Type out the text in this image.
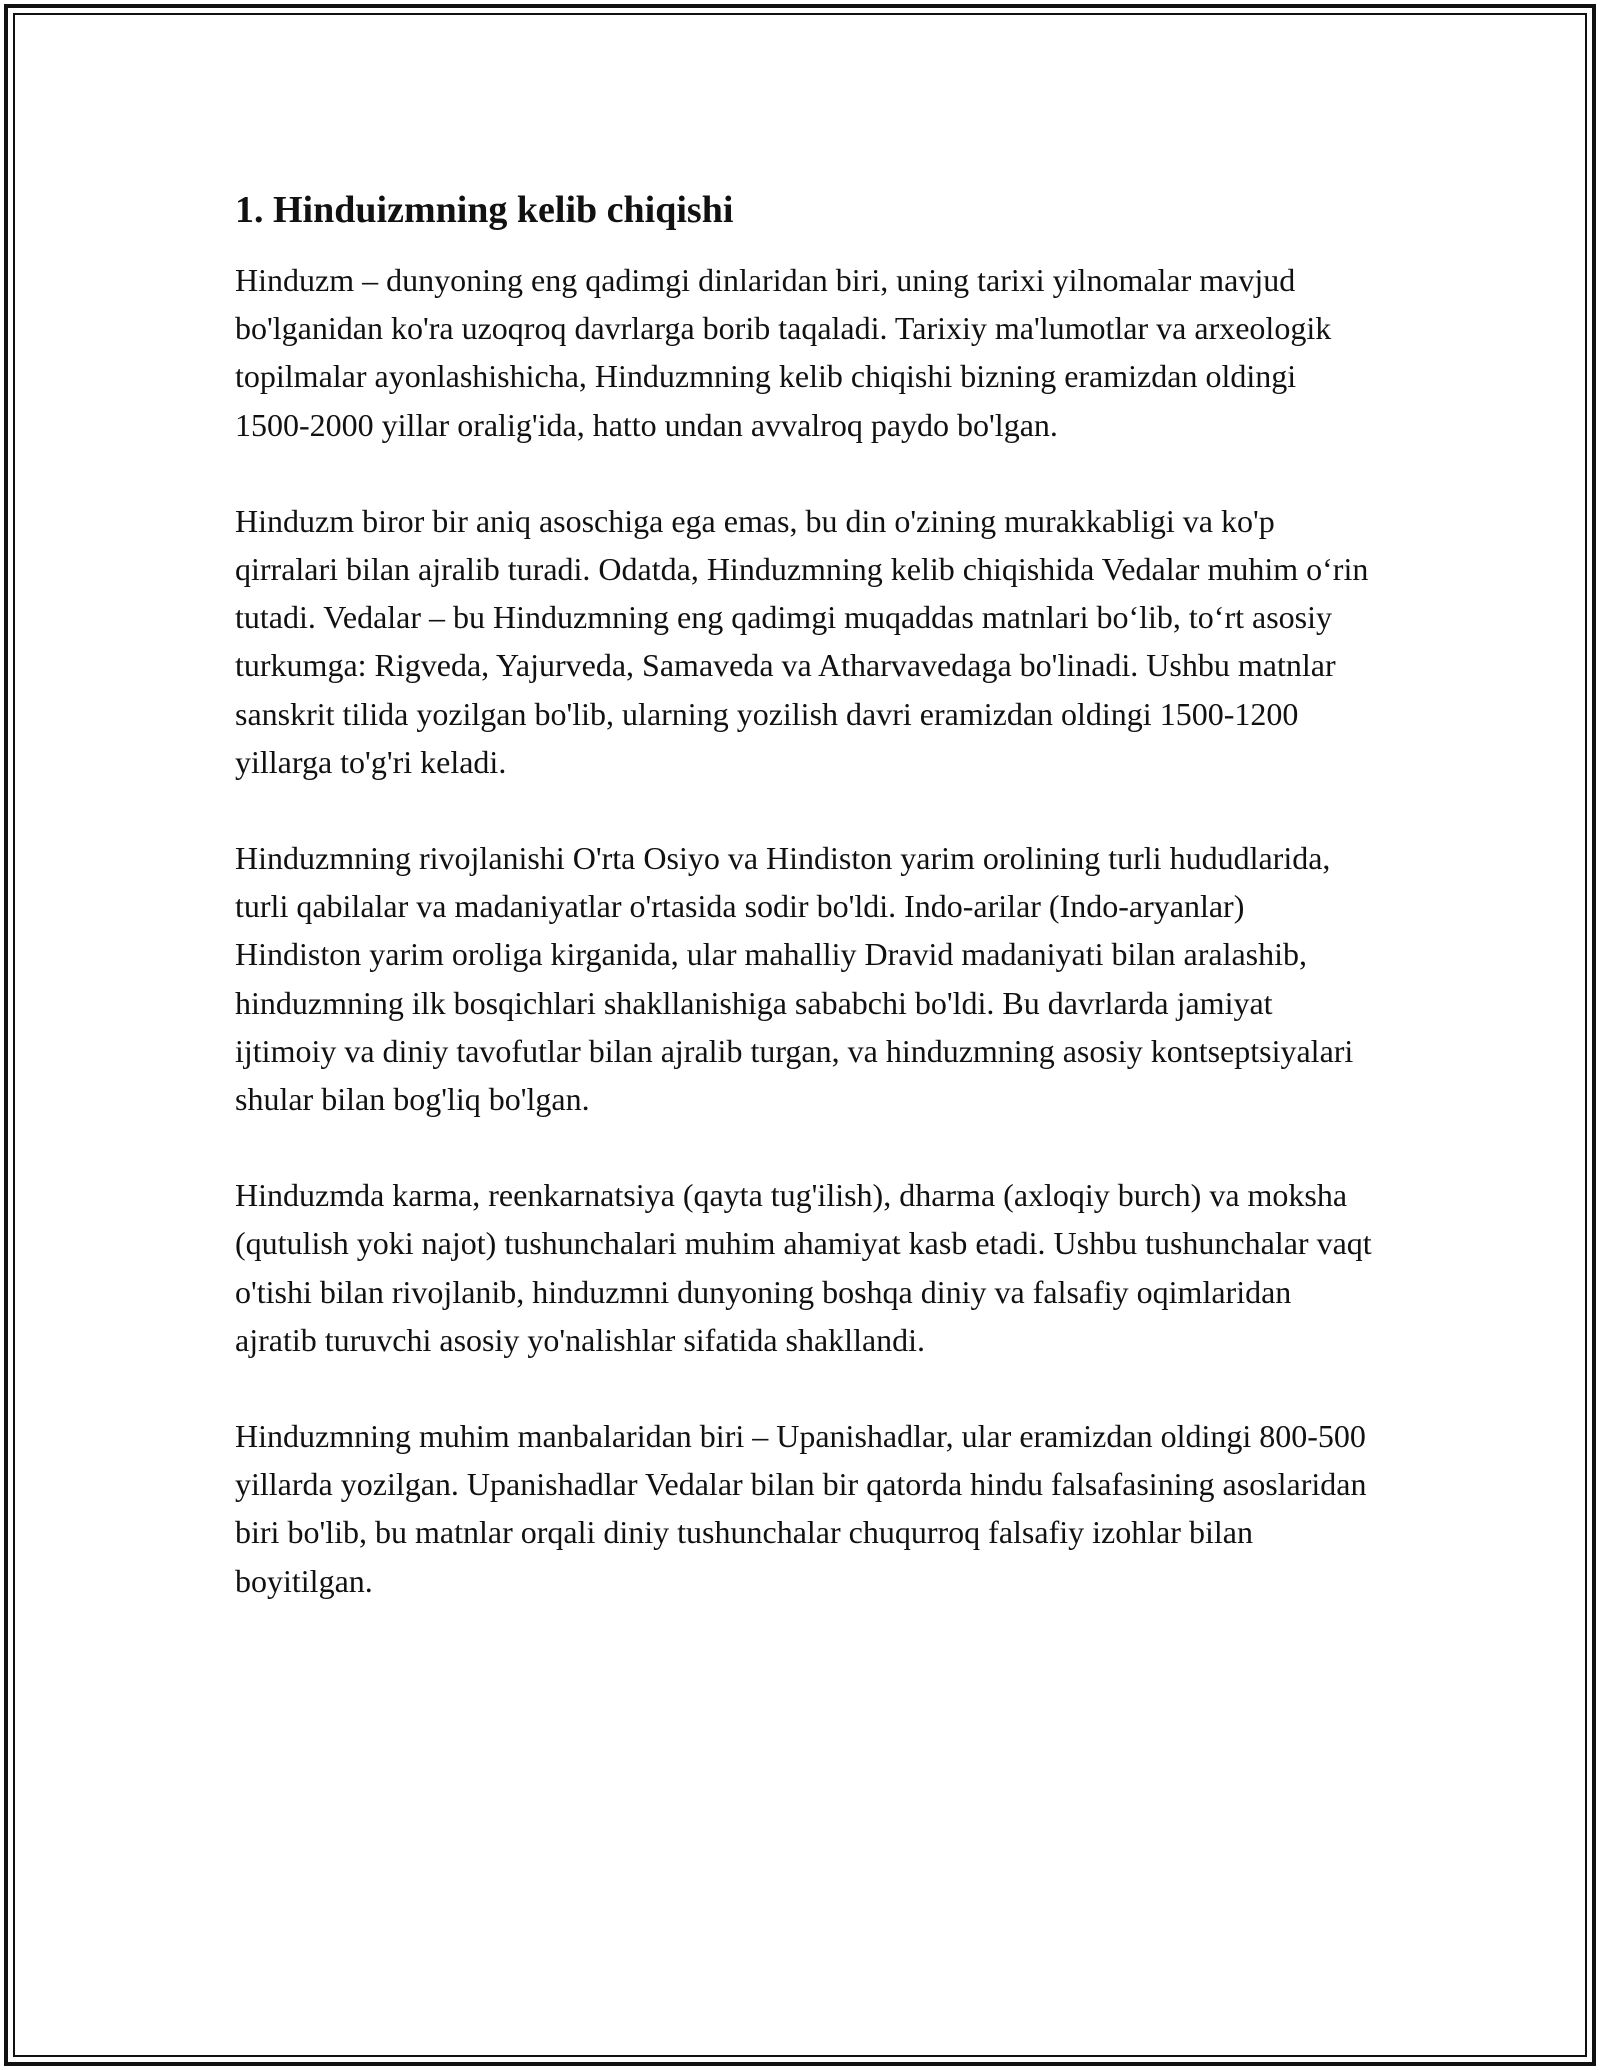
1. Hinduizmning kelib chiqishi

Hinduzm – dunyoning eng qadimgi dinlaridan biri, uning tarixi yilnomalar mavjud bo'lganidan ko'ra uzoqroq davrlarga borib taqaladi. Tarixiy ma'lumotlar va arxeologik topilmalar ayonlashishicha, Hinduzmning kelib chiqishi bizning eramizdan oldingi 1500-2000 yillar oralig'ida, hatto undan avvalroq paydo bo'lgan.

Hinduzm biror bir aniq asoschiga ega emas, bu din o'zining murakkabligi va ko'p qirralari bilan ajralib turadi. Odatda, Hinduzmning kelib chiqishida Vedalar muhim o‘rin tutadi. Vedalar – bu Hinduzmning eng qadimgi muqaddas matnlari bo‘lib, to‘rt asosiy turkumga: Rigveda, Yajurveda, Samaveda va Atharvavedaga bo'linadi. Ushbu matnlar sanskrit tilida yozilgan bo'lib, ularning yozilish davri eramizdan oldingi 1500-1200 yillarga to'g'ri keladi.

Hinduzmning rivojlanishi O'rta Osiyo va Hindiston yarim orolining turli hududlarida, turli qabilalar va madaniyatlar o'rtasida sodir bo'ldi. Indo-arilar (Indo-aryanlar) Hindiston yarim oroliga kirganida, ular mahalliy Dravid madaniyati bilan aralashib, hinduzmning ilk bosqichlari shakllanishiga sababchi bo'ldi. Bu davrlarda jamiyat ijtimoiy va diniy tavofutlar bilan ajralib turgan, va hinduzmning asosiy kontseptsiyalari shular bilan bog'liq bo'lgan.

Hinduzmda karma, reenkarnatsiya (qayta tug'ilish), dharma (axloqiy burch) va moksha (qutulish yoki najot) tushunchalari muhim ahamiyat kasb etadi. Ushbu tushunchalar vaqt o'tishi bilan rivojlanib, hinduzmni dunyoning boshqa diniy va falsafiy oqimlaridan ajratib turuvchi asosiy yo'nalishlar sifatida shakllandi.

Hinduzmning muhim manbalaridan biri – Upanishadlar, ular eramizdan oldingi 800-500 yillarda yozilgan. Upanishadlar Vedalar bilan bir qatorda hindu falsafasining asoslaridan biri bo'lib, bu matnlar orqali diniy tushunchalar chuqurroq falsafiy izohlar bilan boyitilgan.
